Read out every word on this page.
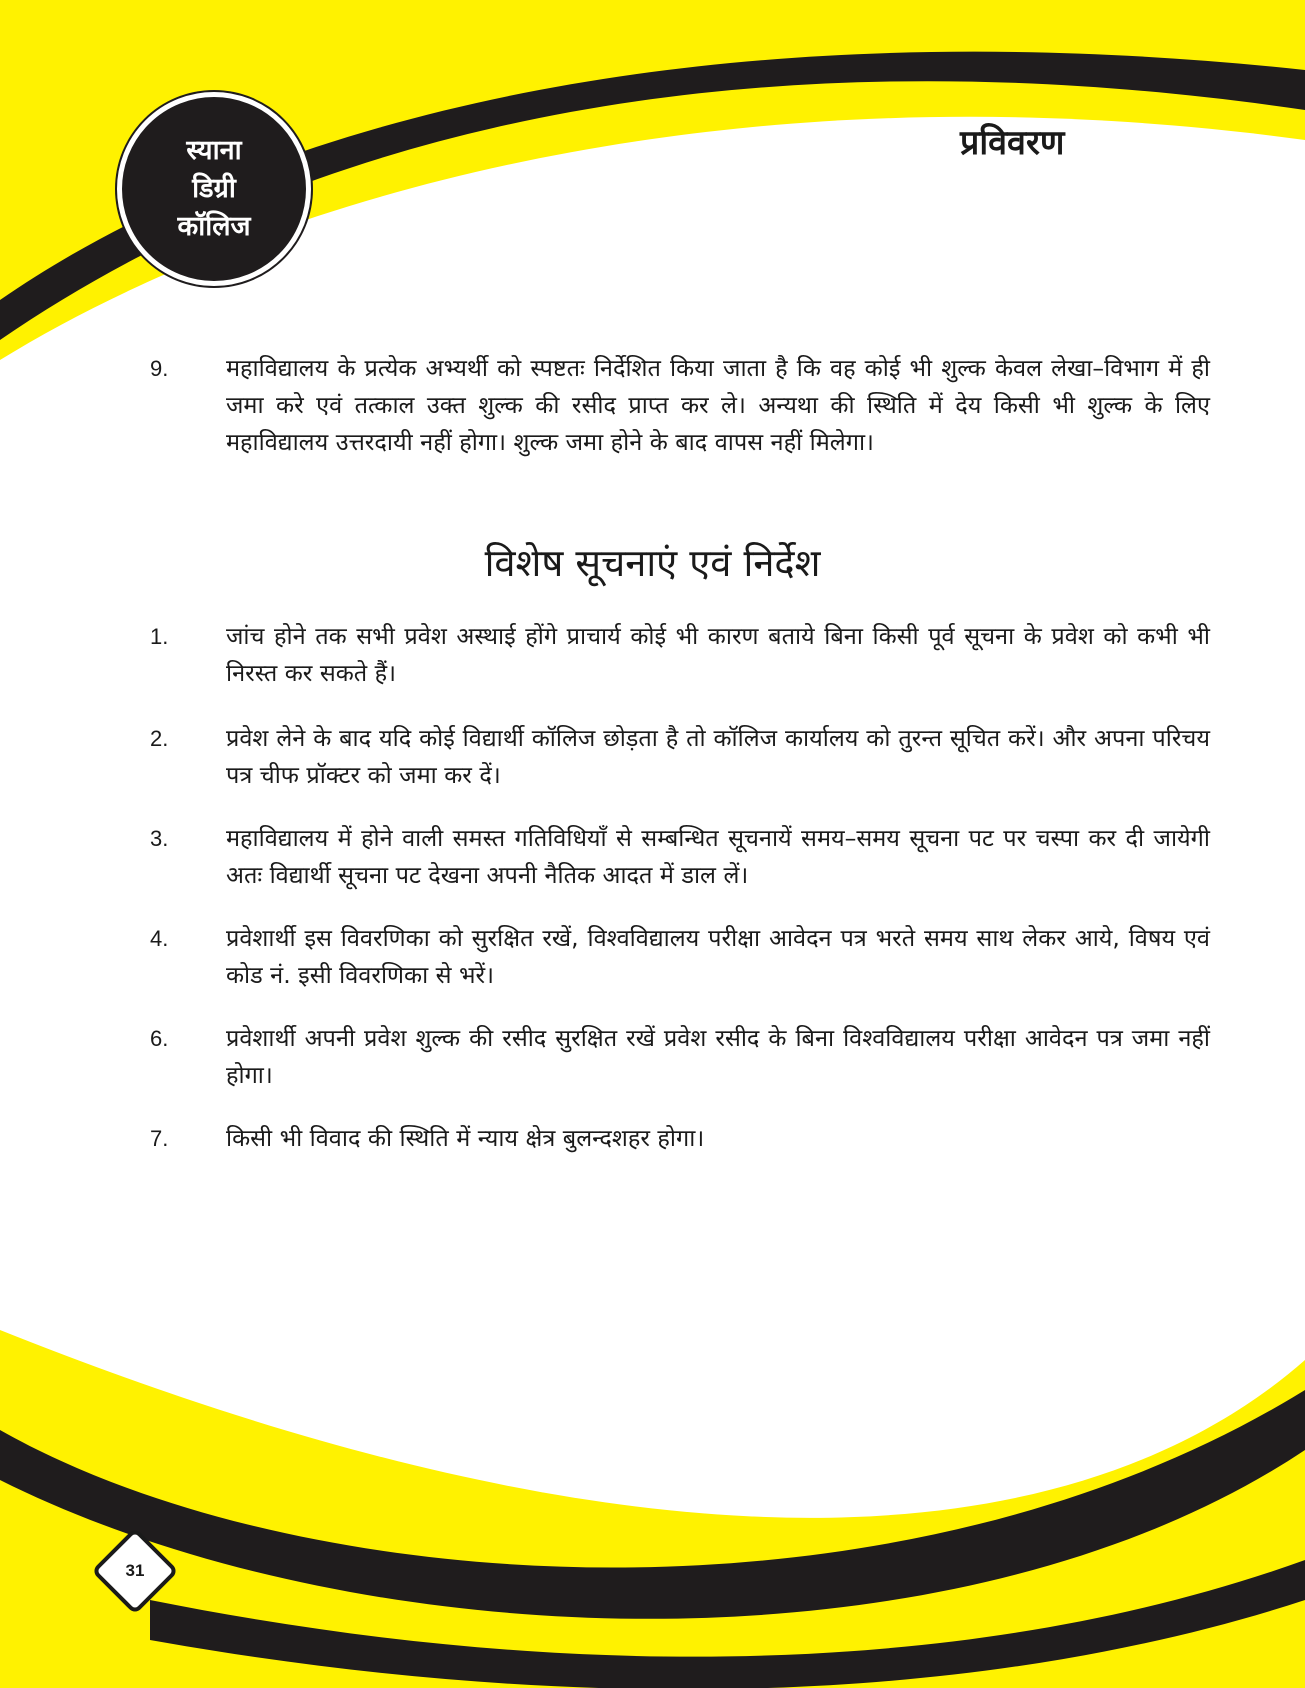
स्याना
डिग्री
कॉलिज
प्रविवरण
9.	महाविद्यालय के प्रत्येक अभ्यर्थी को स्पष्टतः निर्देशित किया जाता है कि वह कोई भी शुल्क केवल लेखा–विभाग में ही जमा करे एवं तत्काल उक्त शुल्क की रसीद प्राप्त कर ले। अन्यथा की स्थिति में देय किसी भी शुल्क के लिए महाविद्यालय उत्तरदायी नहीं होगा। शुल्क जमा होने के बाद वापस नहीं मिलेगा।
विशेष सूचनाएं एवं निर्देश
1.	जांच होने तक सभी प्रवेश अस्थाई होंगे प्राचार्य कोई भी कारण बताये बिना किसी पूर्व सूचना के प्रवेश को कभी भी निरस्त कर सकते हैं।
2.	प्रवेश लेने के बाद यदि कोई विद्यार्थी कॉलिज छोड़ता है तो कॉलिज कार्यालय को तुरन्त सूचित करें। और अपना परिचय पत्र चीफ प्रॉक्टर को जमा कर दें।
3.	महाविद्यालय में होने वाली समस्त गतिविधियाँ से सम्बन्धित सूचनायें समय–समय सूचना पट पर चस्पा कर दी जायेगी अतः विद्यार्थी सूचना पट देखना अपनी नैतिक आदत में डाल लें।
4.	प्रवेशार्थी इस विवरणिका को सुरक्षित रखें, विश्वविद्यालय परीक्षा आवेदन पत्र भरते समय साथ लेकर आये, विषय एवं कोड नं. इसी विवरणिका से भरें।
6.	प्रवेशार्थी अपनी प्रवेश शुल्क की रसीद सुरक्षित रखें प्रवेश रसीद के बिना विश्वविद्यालय परीक्षा आवेदन पत्र जमा नहीं होगा।
7.	किसी भी विवाद की स्थिति में न्याय क्षेत्र बुलन्दशहर होगा।
31
